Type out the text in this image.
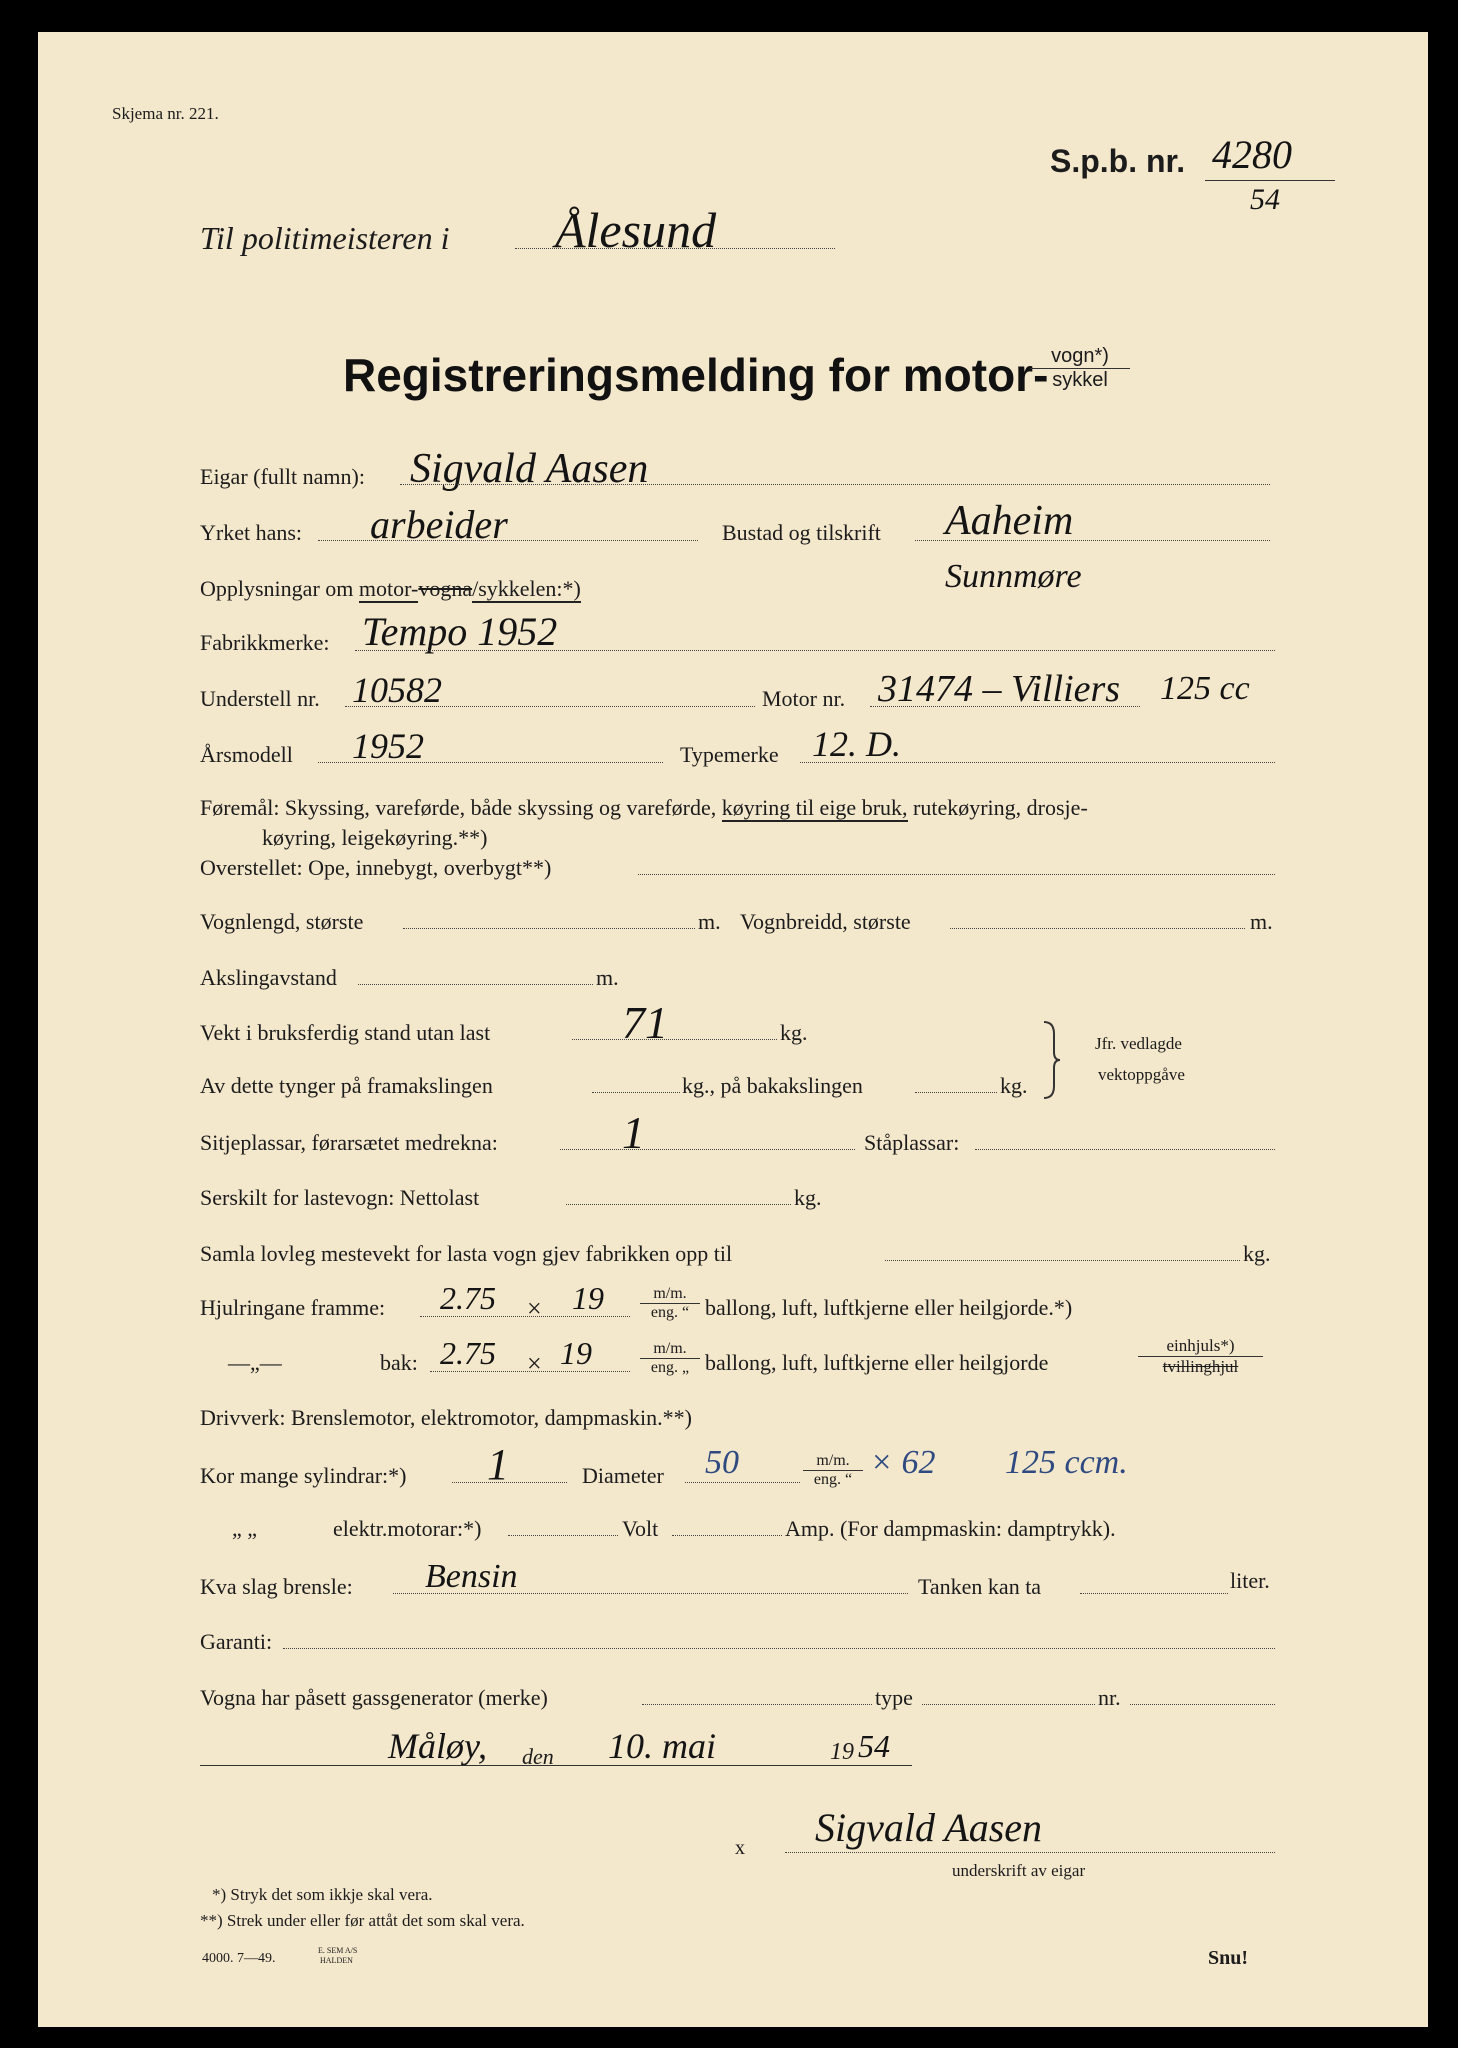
Skjema nr. 221.
S.p.b. nr. 4280
54
Til politimeisteren i Ålesund
Registreringsmelding for motor- vogn*)
sykkel
Eigar (fullt namn): Sigvald Aasen
Yrket hans: arbeider	Bustad og tilskrift Aaheim
Opplysningar om motor-vogna/sykkelen:*)	Sunnmøre
Fabrikkmerke: Tempo 1952
Understell nr. 10582	Motor nr. 31474 – Villiers 125 cc
Årsmodell 1952	Typemerke 12. D.
Føremål: Skyssing, vareførde, både skyssing og vareførde, køyring til eige bruk, rutekøyring, drosje-
køyring, leigekøyring.**)
Overstellet: Ope, innebygt, overbygt**)
Vognlengd, største	m. Vognbreidd, største	m.
Akslingavstand	m.
Vekt i bruksferdig stand utan last	71	kg.
Av dette tynger på framakslingen	kg., på bakakslingen	kg.
Jfr. vedlagde
vektoppgåve
Sitjeplassar, førarsætet medrekna:	1	Ståplassar:
Serskilt for lastevogn: Nettolast	kg.
Samla lovleg mestevekt for lasta vogn gjev fabrikken opp til	kg.
Hjulringane framme: 2.75 × 19	m/m.
eng. “ ballong, luft, luftkjerne eller heilgjorde.*)
—„—	bak: 2.75 × 19	m/m.
eng. „ ballong, luft, luftkjerne eller heilgjorde
einhjuls*)
tvillinghjul
Drivverk: Brenslemotor, elektromotor, dampmaskin.**)
Kor mange sylindrar:*) 1	Diameter 50	m/m.
eng. “ × 62 125 ccm.
„ „	elektr.motorar:*)	Volt	Amp. (For dampmaskin: damptrykk).
Kva slag brensle: Bensin	Tanken kan ta	liter.
Garanti:
Vogna har påsett gassgenerator (merke)	type	nr.
Måløy, den 10. mai	19 54
x Sigvald Aasen
underskrift av eigar
*) Stryk det som ikkje skal vera.
**) Strek under eller før attåt det som skal vera.
4000. 7—49.
E. SEM A/S
HALDEN	Snu!
